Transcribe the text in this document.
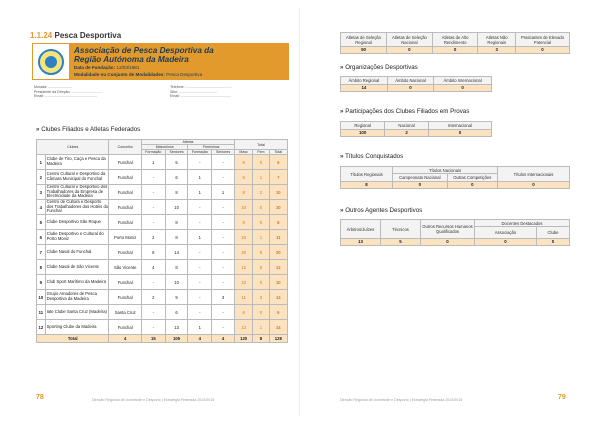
1.1.24 Pesca Desportiva
Associação de Pesca Desportiva da
Região Autónoma da Madeira
Data de Fundação: 12/03/1981
Modalidade ou Conjunto de Modalidades: Pesca Desportiva
Morada: ........................
Presidente da Direção: ...............................
Email: ....................................................
Telefone: ..............................................
Sitio: ......................................
Email: ..................................................
» Clubes Filiados e Atletas Federados
Clubes		Concelho	Atletas				Total		
			Masculinos		Femininos				
			Formação	Seniores	Formação	Seniores	Masc	Fem	Total
1	Clube de Tiro, Caça e Pesca da Madeira	Funchal	1	5	-	-	6	0	6
2	Centro Cultural e Desportivo da Câmara Municipal do Funchal	Funchal	-	6	1	-	6	1	7
3	Centro Cultural e Desportivo dos Trabalhadores da Empresa de Electricidade da Madeira	Funchal	-	8	1	1	8	2	10
4	Centro de Cultura e Desporto dos Trabalhadores dos Hotéis do Funchal	Funchal	-	10	-	-	10	0	10
5	Clube Desportivo São Roque	Funchal	-	8	-	-	8	0	8
6	Clube Desportivo e Cultural do Porto Moniz	Porto Moniz	2	8	1	-	10	1	11
7	Clube Naval do Funchal	Funchal	6	14	-	-	20	0	20
8	Clube Naval de São Vicente	São Vicente	4	8	-	-	12	0	12
9	Club Sport Marítimo da Madeira	Funchal	-	10	-	-	10	0	10
10	Grupo Amadores de Pesca Desportiva da Madeira	Funchal	2	9	-	3	11	3	14
11	Iate Clube Santa Cruz (Madeira)	Santa Cruz	-	6	-	-	6	0	6
12	Sporting Clube da Madeira	Funchal	-	13	1	-	13	1	14
Total		4	15	105	4	4	120	8	128
78	Direção Regional de Juventude e Desporto | Estratégia Federada 2014/2015
Atletas de Seleção Regional	Atletas de Seleção Nacional	Atletas de Alto Rendimento	Atletas Não Regionais	Praticantes de Elevado Potencial
50	0	0	3	0
» Organizações Desportivas
Âmbito Regional	Âmbito Nacional	Âmbito Internacional
14	0	0
» Participações dos Clubes Filiados em Provas
Regional	Nacional	Internacional
100	2	0
» Títulos Conquistados
Títulos Regionais	Títulos Nacionais		Títulos Internacionais
	Campeonato Nacional	Outras Competições	
8	0	0	0
» Outros Agentes Desportivos
Árbitros/Juízes	Técnicos	Outros Recursos Humanos Qualificados	Docentes Destacados	
			Associação	Clube
13	5	0	0	0
Direção Regional de Juventude e Desporto | Estratégia Federada 2014/2015	79
